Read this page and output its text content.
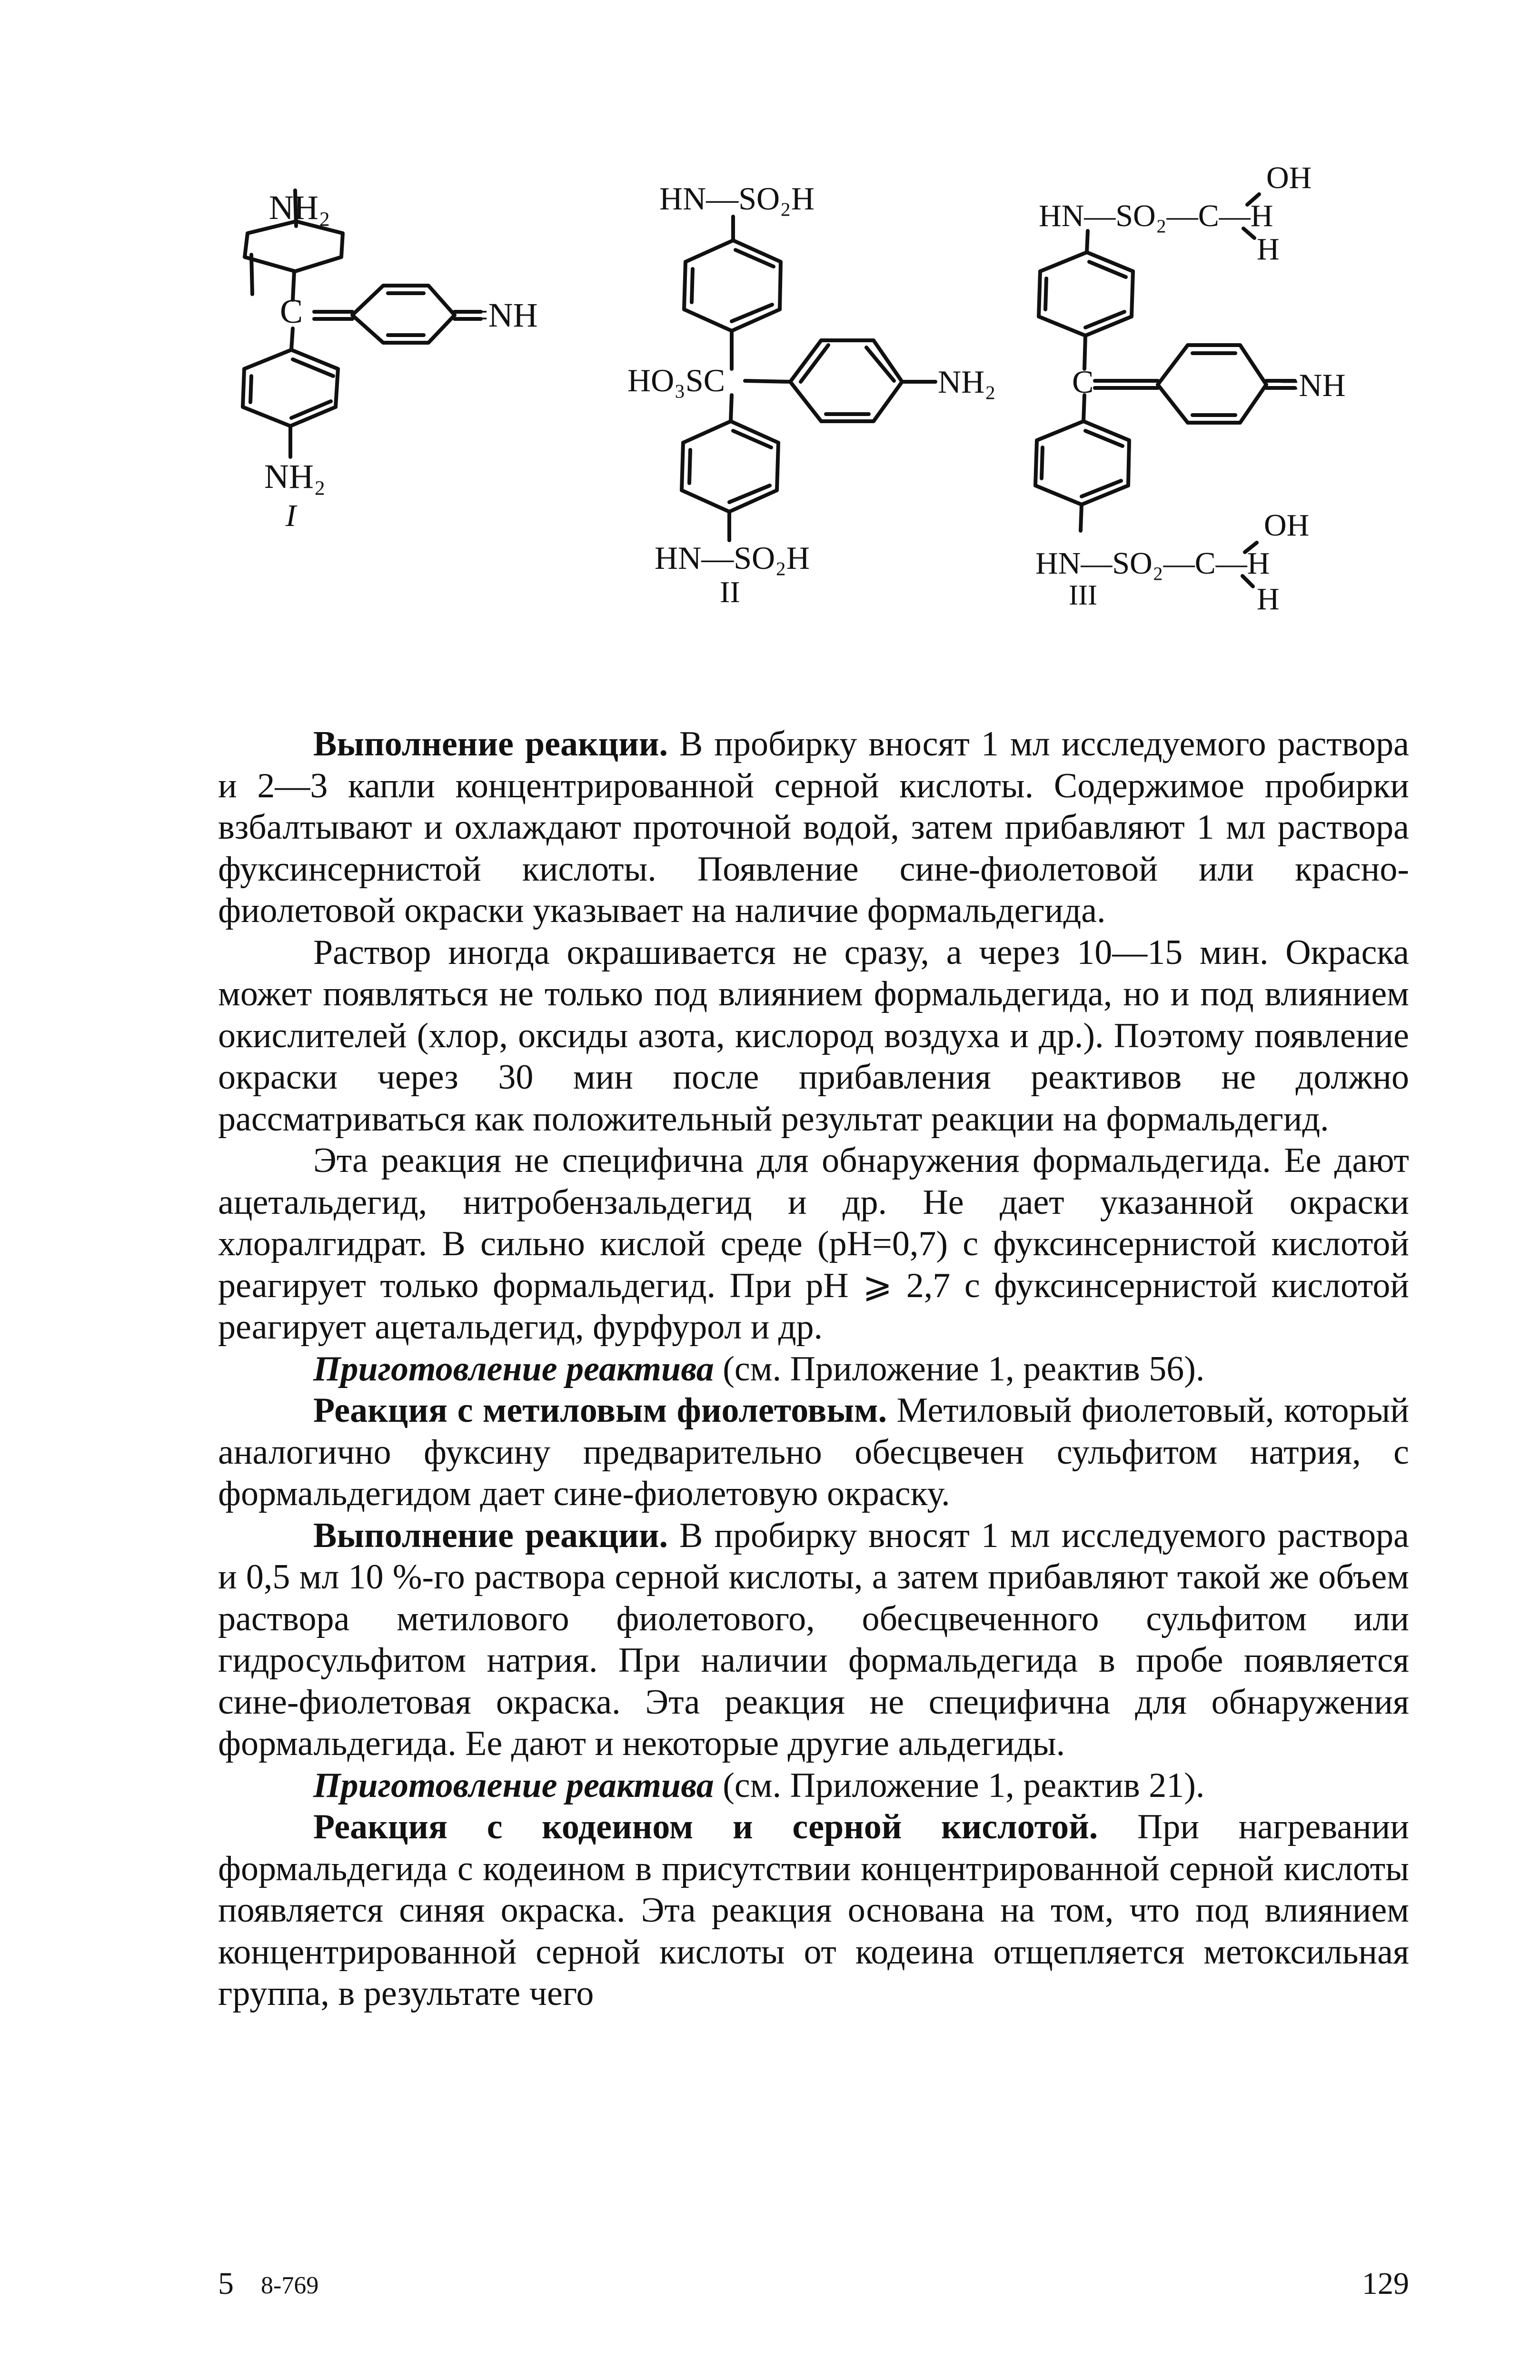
NH₂
C	=NH
NH₂
I
HN—SO₂H
HO₃SC	NH₂
HN—SO₂H
II
OH
HN—SO₂—C—H
H
C	=NH
OH
HN—SO₂—C—H
H
III

Выполнение реакции. В пробирку вносят 1 мл исследуемого раствора и 2—3 капли концентрированной серной кислоты. Содержимое пробирки взбалтывают и охлаждают проточной водой, затем прибавляют 1 мл раствора фуксинсернистой кислоты. Появление сине-фиолетовой или красно-фиолетовой окраски указывает на наличие формальдегида.

Раствор иногда окрашивается не сразу, а через 10—15 мин. Окраска может появляться не только под влиянием формальдегида, но и под влиянием окислителей (хлор, оксиды азота, кислород воздуха и др.). Поэтому появление окраски через 30 мин после прибавления реактивов не должно рассматриваться как положительный результат реакции на формальдегид.

Эта реакция не специфична для обнаружения формальдегида. Ее дают ацетальдегид, нитробензальдегид и др. Не дает указанной окраски хлоралгидрат. В сильно кислой среде (pH=0,7) с фуксинсернистой кислотой реагирует только формальдегид. При pH ⩾ 2,7 с фуксинсернистой кислотой реагирует ацетальдегид, фурфурол и др.

Приготовление реактива (см. Приложение 1, реактив 56).

Реакция с метиловым фиолетовым. Метиловый фиолетовый, который аналогично фуксину предварительно обесцвечен сульфитом натрия, с формальдегидом дает сине-фиолетовую окраску.

Выполнение реакции. В пробирку вносят 1 мл исследуемого раствора и 0,5 мл 10 %-го раствора серной кислоты, а затем прибавляют такой же объем раствора метилового фиолетового, обесцвеченного сульфитом или гидросульфитом натрия. При наличии формальдегида в пробе появляется сине-фиолетовая окраска. Эта реакция не специфична для обнаружения формальдегида. Ее дают и некоторые другие альдегиды.

Приготовление реактива (см. Приложение 1, реактив 21).

Реакция с кодеином и серной кислотой. При нагревании формальдегида с кодеином в присутствии концентрированной серной кислоты появляется синяя окраска. Эта реакция основана на том, что под влиянием концентрированной серной кислоты от кодеина отщепляется метоксильная группа, в результате чего

5 8-769	129
